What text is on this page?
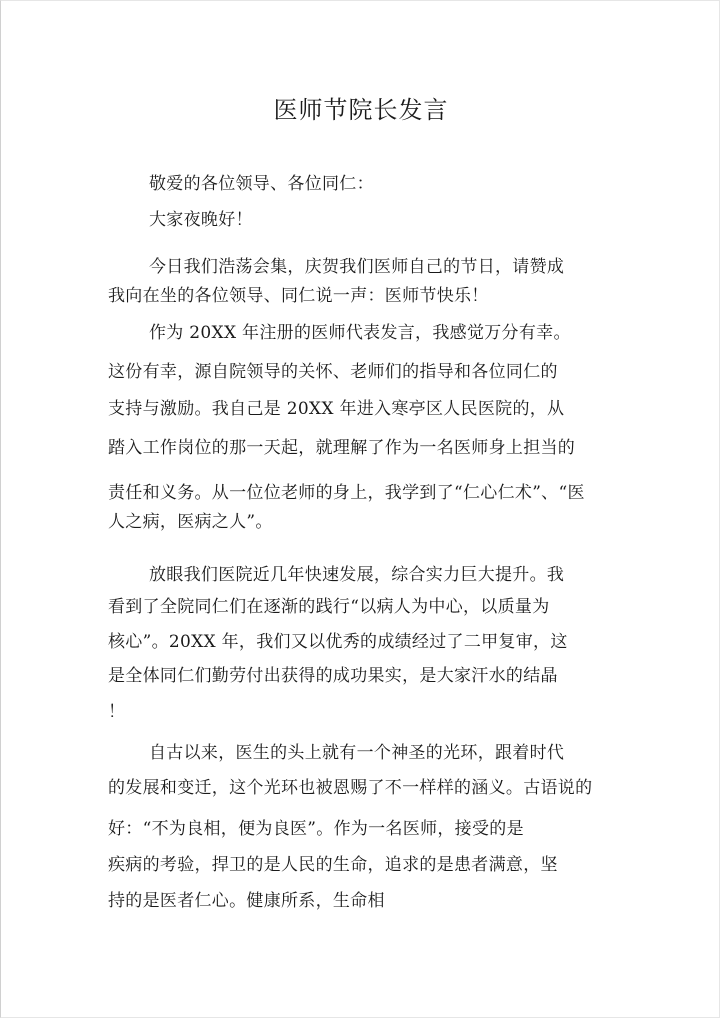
医师节院长发言
敬爱的各位领导、各位同仁：
大家夜晚好！
今日我们浩荡会集，庆贺我们医师自己的节日，请赞成
我向在坐的各位领导、同仁说一声：医师节快乐！
作为 20XX 年注册的医师代表发言，我感觉万分有幸。
这份有幸，源自院领导的关怀、老师们的指导和各位同仁的
支持与激励。我自己是 20XX 年进入寒亭区人民医院的，从
踏入工作岗位的那一天起，就理解了作为一名医师身上担当的
责任和义务。从一位位老师的身上，我学到了“仁心仁术”、“医
人之病，医病之人”。
放眼我们医院近几年快速发展，综合实力巨大提升。我
看到了全院同仁们在逐渐的践行“以病人为中心，以质量为
核心”。20XX 年，我们又以优秀的成绩经过了二甲复审，这
是全体同仁们勤劳付出获得的成功果实，是大家汗水的结晶
！
自古以来，医生的头上就有一个神圣的光环，跟着时代
的发展和变迁，这个光环也被恩赐了不一样样的涵义。古语说的
好：“不为良相，便为良医”。作为一名医师，接受的是
疾病的考验，捍卫的是人民的生命，追求的是患者满意，坚
持的是医者仁心。健康所系，生命相
